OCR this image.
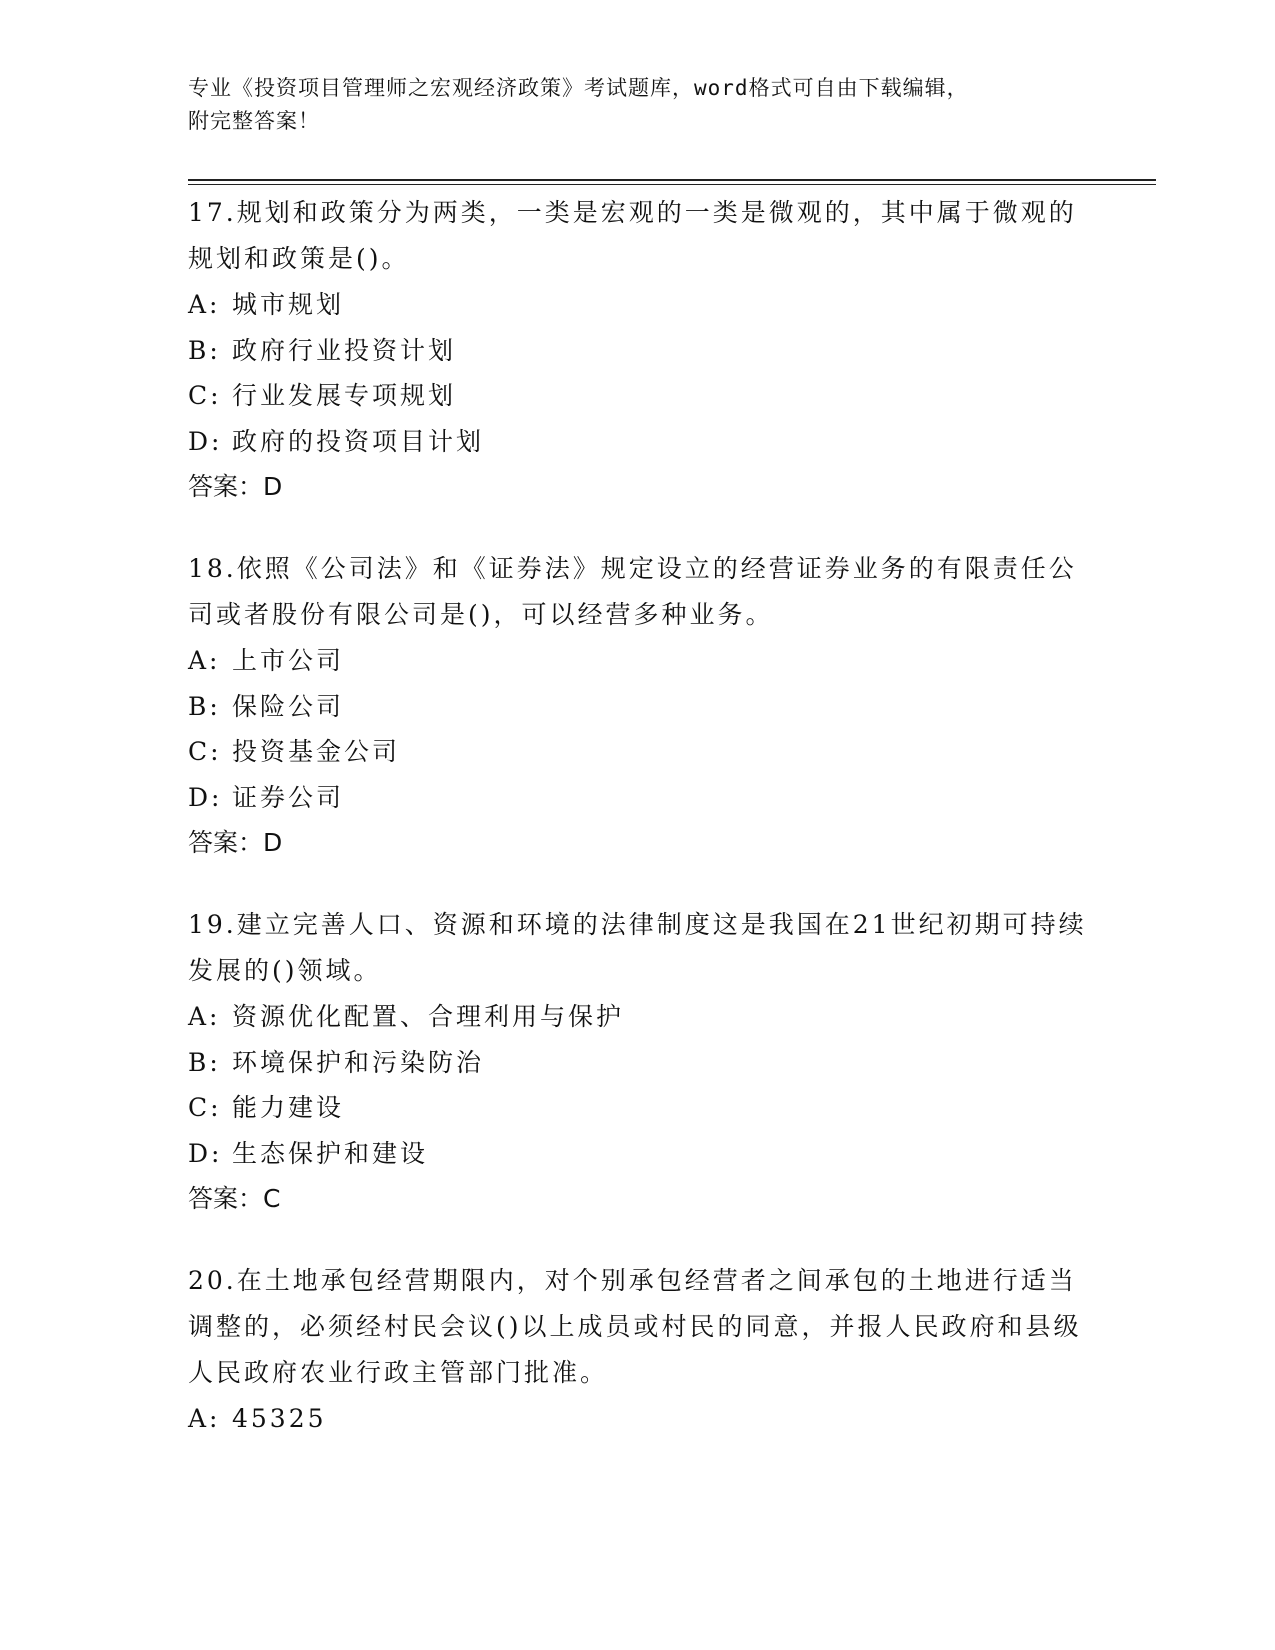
专业《投资项目管理师之宏观经济政策》考试题库，word格式可自由下载编辑，
附完整答案！

17.规划和政策分为两类，一类是宏观的一类是微观的，其中属于微观的规划和政策是()。

A: 城市规划

B: 政府行业投资计划

C: 行业发展专项规划

D: 政府的投资项目计划

答案：D

18.依照《公司法》和《证券法》规定设立的经营证券业务的有限责任公司或者股份有限公司是()，可以经营多种业务。

A: 上市公司

B: 保险公司

C: 投资基金公司

D: 证券公司

答案：D

19.建立完善人口、资源和环境的法律制度这是我国在21世纪初期可持续发展的()领域。

A: 资源优化配置、合理利用与保护

B: 环境保护和污染防治

C: 能力建设

D: 生态保护和建设

答案：C

20.在土地承包经营期限内，对个别承包经营者之间承包的土地进行适当调整的，必须经村民会议()以上成员或村民的同意，并报人民政府和县级人民政府农业行政主管部门批准。

A: 45325
